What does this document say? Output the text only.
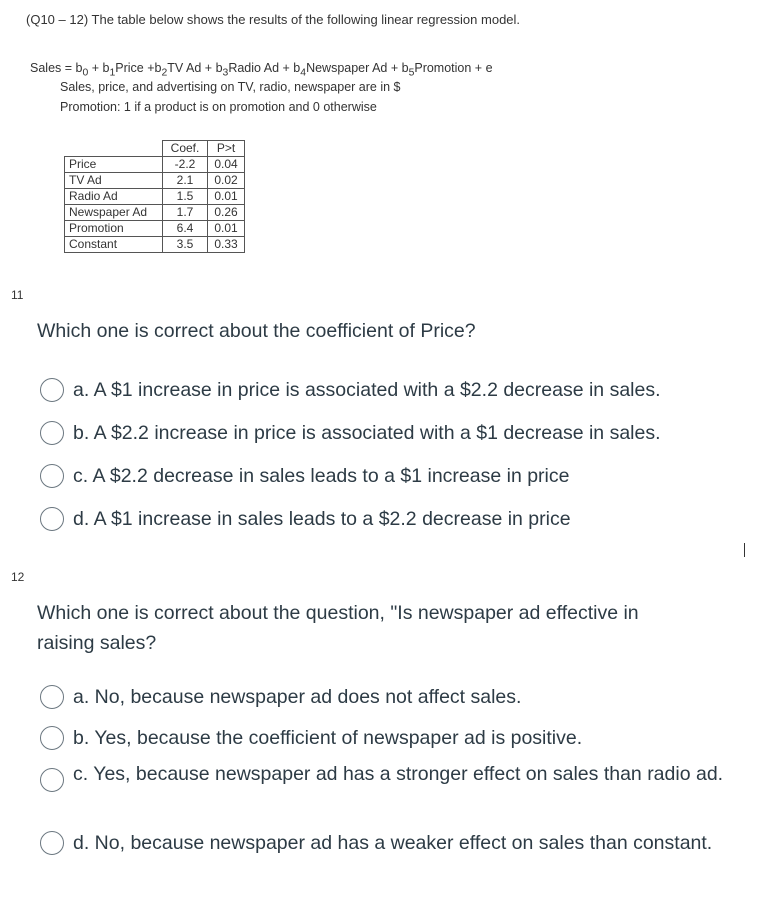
(Q10 – 12) The table below shows the results of the following linear regression model.
Sales = $b_0$ + $b_1Price +b_2TV$ $Ad + b_3Radio$ $Ad + b_4Newspaper$ $Ad + b_5Promotion + e$
Sales, price, and advertising on TV, radio, newspaper are in $
Promotion: 1 if a product is on promotion and 0 otherwise
	Coef.	P>t
Price	-2.2	0.04
TV Ad	2.1	0.02
Radio Ad	1.5	0.01
Newspaper Ad	1.7	0.26
Promotion	6.4	0.01
Constant	3.5	0.33
11
Which one is correct about the coefficient of Price?
a. A $1 increase in price is associated with a $2.2 decrease in sales.
b. A $2.2 increase in price is associated with a $1 decrease in sales.
c. A $2.2 decrease in sales leads to a $1 increase in price
d. A $1 increase in sales leads to a $2.2 decrease in price
12
Which one is correct about the question, "Is newspaper ad effective in raising sales?
a. No, because newspaper ad does not affect sales.
b. Yes, because the coefficient of newspaper ad is positive.
c. Yes, because newspaper ad has a stronger effect on sales than radio ad.
d. No, because newspaper ad has a weaker effect on sales than constant.
